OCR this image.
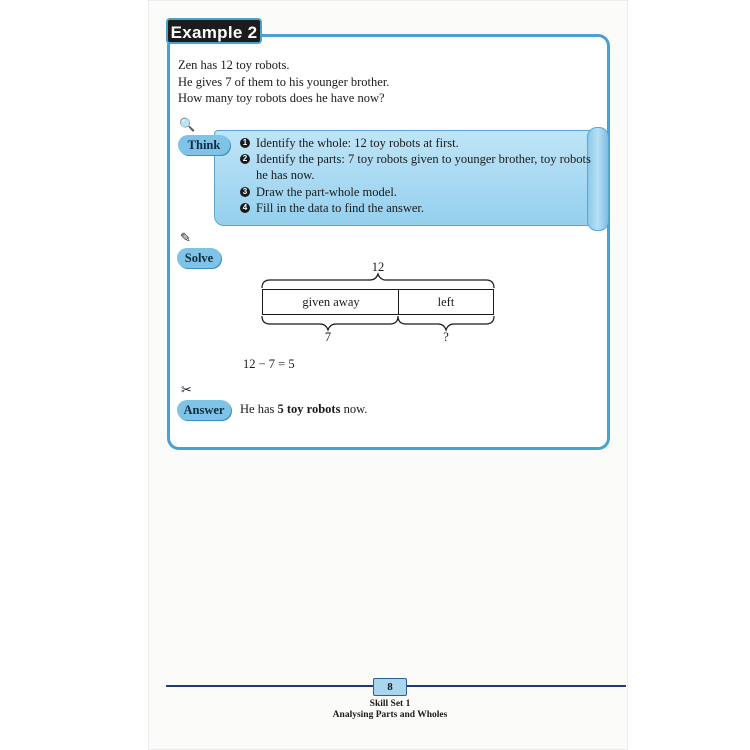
Example 2
Zen has 12 toy robots.
He gives 7 of them to his younger brother.
How many toy robots does he have now?
🔍
Think	1 Identify the whole: 12 toy robots at first.
2 Identify the parts: 7 toy robots given to younger brother, toy robots he has now.
3 Draw the part-whole model.
4 Fill in the data to find the answer.
✎
Solve
12
given away	left
7	?
12 − 7 = 5
✂
Answer	He has 5 toy robots now.
8
Skill Set 1
Analysing Parts and Wholes
